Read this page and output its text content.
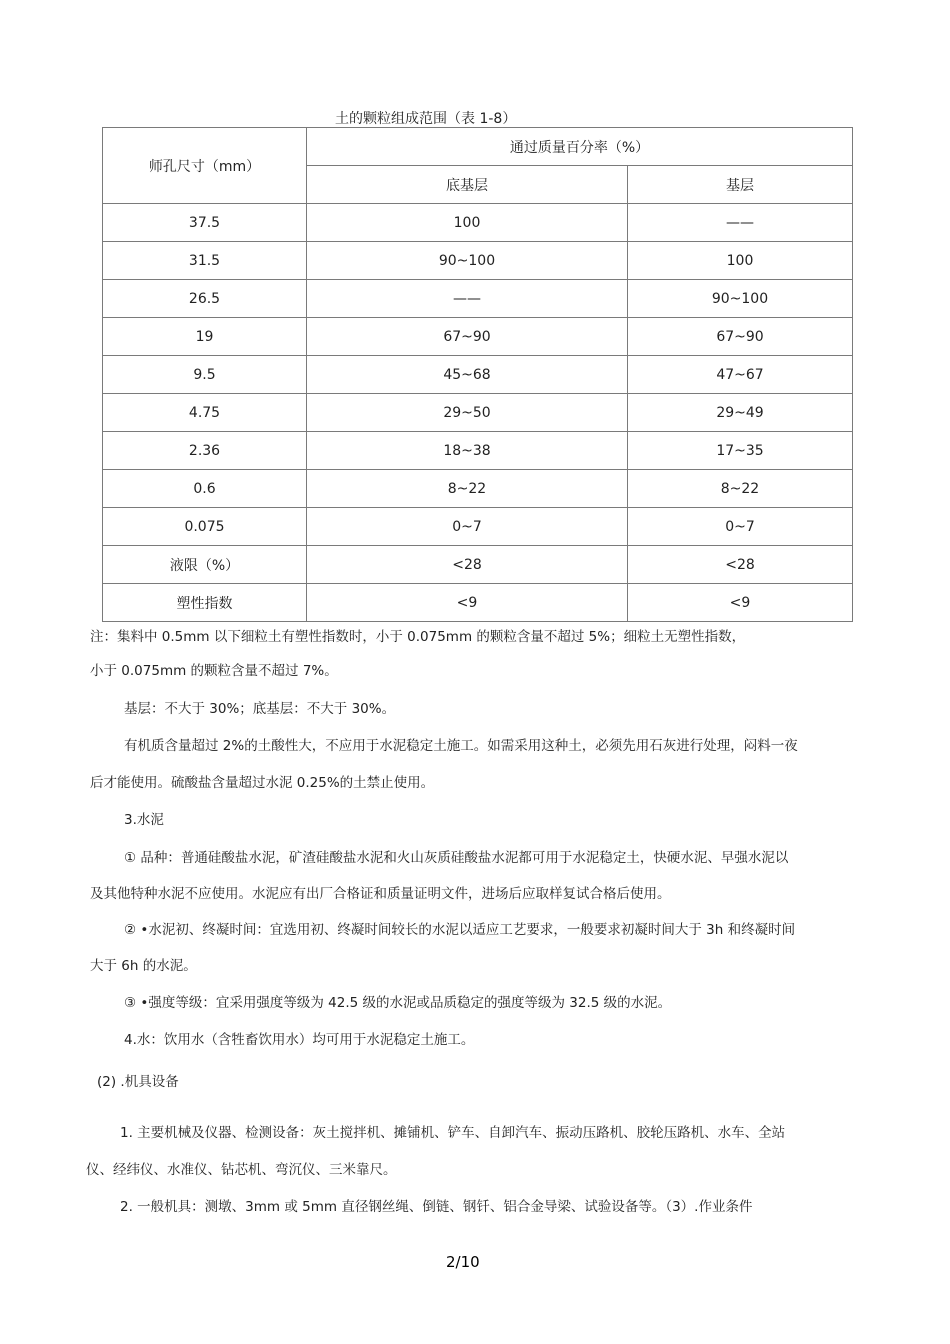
土的颗粒组成范围（表 1-8）
师孔尺寸（mm）	通过质量百分率（%）	
	底基层	基层
37.5	100	——
31.5	90~100	100
26.5	——	90~100
19	67~90	67~90
9.5	45~68	47~67
4.75	29~50	29~49
2.36	18~38	17~35
0.6	8~22	8~22
0.075	0~7	0~7
液限（%）	<28	<28
塑性指数	<9	<9
注：集料中 0.5mm 以下细粒土有塑性指数时，小于 0.075mm 的颗粒含量不超过 5%；细粒土无塑性指数，
小于 0.075mm 的颗粒含量不超过 7%。
基层：不大于 30%；底基层：不大于 30%。
有机质含量超过 2%的土酸性大，不应用于水泥稳定土施工。如需采用这种土，必须先用石灰进行处理，闷料一夜
后才能使用。硫酸盐含量超过水泥 0.25%的土禁止使用。
3.水泥
① 品种：普通硅酸盐水泥，矿渣硅酸盐水泥和火山灰质硅酸盐水泥都可用于水泥稳定土，快硬水泥、早强水泥以
及其他特种水泥不应使用。水泥应有出厂合格证和质量证明文件，进场后应取样复试合格后使用。
② •水泥初、终凝时间：宜选用初、终凝时间较长的水泥以适应工艺要求，一般要求初凝时间大于 3h 和终凝时间
大于 6h 的水泥。
③ •强度等级：宜采用强度等级为 42.5 级的水泥或品质稳定的强度等级为 32.5 级的水泥。
4.水：饮用水（含牲畜饮用水）均可用于水泥稳定土施工。
(2) .机具设备
1. 主要机械及仪器、检测设备：灰土搅拌机、摊铺机、铲车、自卸汽车、振动压路机、胶轮压路机、水车、全站
仪、经纬仪、水准仪、钻芯机、弯沉仪、三米靠尺。
2. 一般机具：测墩、3mm 或 5mm 直径钢丝绳、倒链、钢钎、铝合金导梁、试验设备等。（3）.作业条件
2/10
